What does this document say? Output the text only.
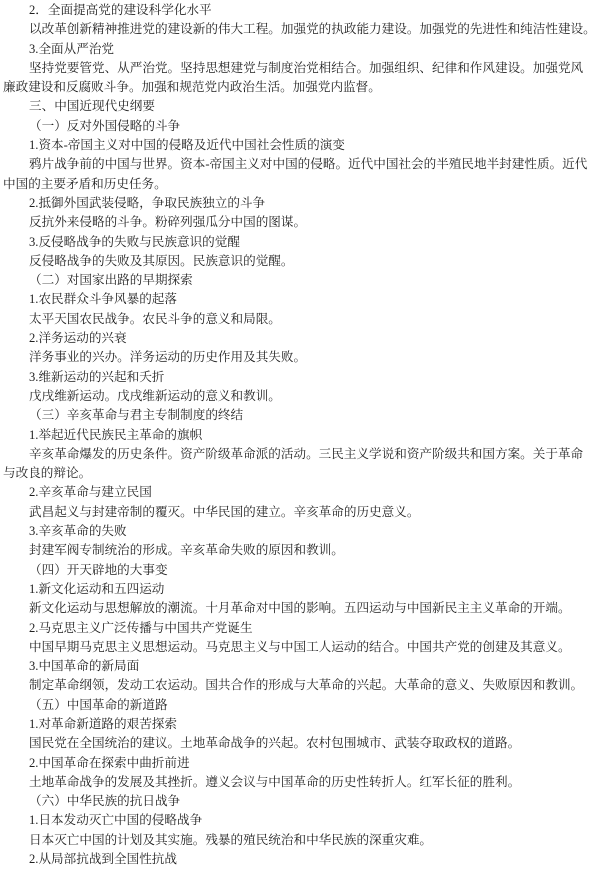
2．全面提高党的建设科学化水平
以改革创新精神推进党的建设新的伟大工程。加强党的执政能力建设。加强党的先进性和纯洁性建设。
3.全面从严治党
坚持党要管党、从严治党。坚持思想建党与制度治党相结合。加强组织、纪律和作风建设。加强党风
廉政建设和反腐败斗争。加强和规范党内政治生活。加强党内监督。
三、中国近现代史纲要
（一）反对外国侵略的斗争
1.资本-帝国主义对中国的侵略及近代中国社会性质的演变
鸦片战争前的中国与世界。资本-帝国主义对中国的侵略。近代中国社会的半殖民地半封建性质。近代
中国的主要矛盾和历史任务。
2.抵御外国武装侵略，争取民族独立的斗争
反抗外来侵略的斗争。粉碎列强瓜分中国的图谋。
3.反侵略战争的失败与民族意识的觉醒
反侵略战争的失败及其原因。民族意识的觉醒。
（二）对国家出路的早期探索
1.农民群众斗争风暴的起落
太平天国农民战争。农民斗争的意义和局限。
2.洋务运动的兴衰
洋务事业的兴办。洋务运动的历史作用及其失败。
3.维新运动的兴起和夭折
戊戌维新运动。戊戌维新运动的意义和教训。
（三）辛亥革命与君主专制制度的终结
1.举起近代民族民主革命的旗帜
辛亥革命爆发的历史条件。资产阶级革命派的活动。三民主义学说和资产阶级共和国方案。关于革命
与改良的辩论。
2.辛亥革命与建立民国
武昌起义与封建帝制的覆灭。中华民国的建立。辛亥革命的历史意义。
3.辛亥革命的失败
封建军阀专制统治的形成。辛亥革命失败的原因和教训。
（四）开天辟地的大事变
1.新文化运动和五四运动
新文化运动与思想解放的潮流。十月革命对中国的影响。五四运动与中国新民主主义革命的开端。
2.马克思主义广泛传播与中国共产党诞生
中国早期马克思主义思想运动。马克思主义与中国工人运动的结合。中国共产党的创建及其意义。
3.中国革命的新局面
制定革命纲领，发动工农运动。国共合作的形成与大革命的兴起。大革命的意义、失败原因和教训。
（五）中国革命的新道路
1.对革命新道路的艰苦探索
国民党在全国统治的建议。土地革命战争的兴起。农村包围城市、武装夺取政权的道路。
2.中国革命在探索中曲折前进
土地革命战争的发展及其挫折。遵义会议与中国革命的历史性转折人。红军长征的胜利。
（六）中华民族的抗日战争
1.日本发动灭亡中国的侵略战争
日本灭亡中国的计划及其实施。残暴的殖民统治和中华民族的深重灾难。
2.从局部抗战到全国性抗战
